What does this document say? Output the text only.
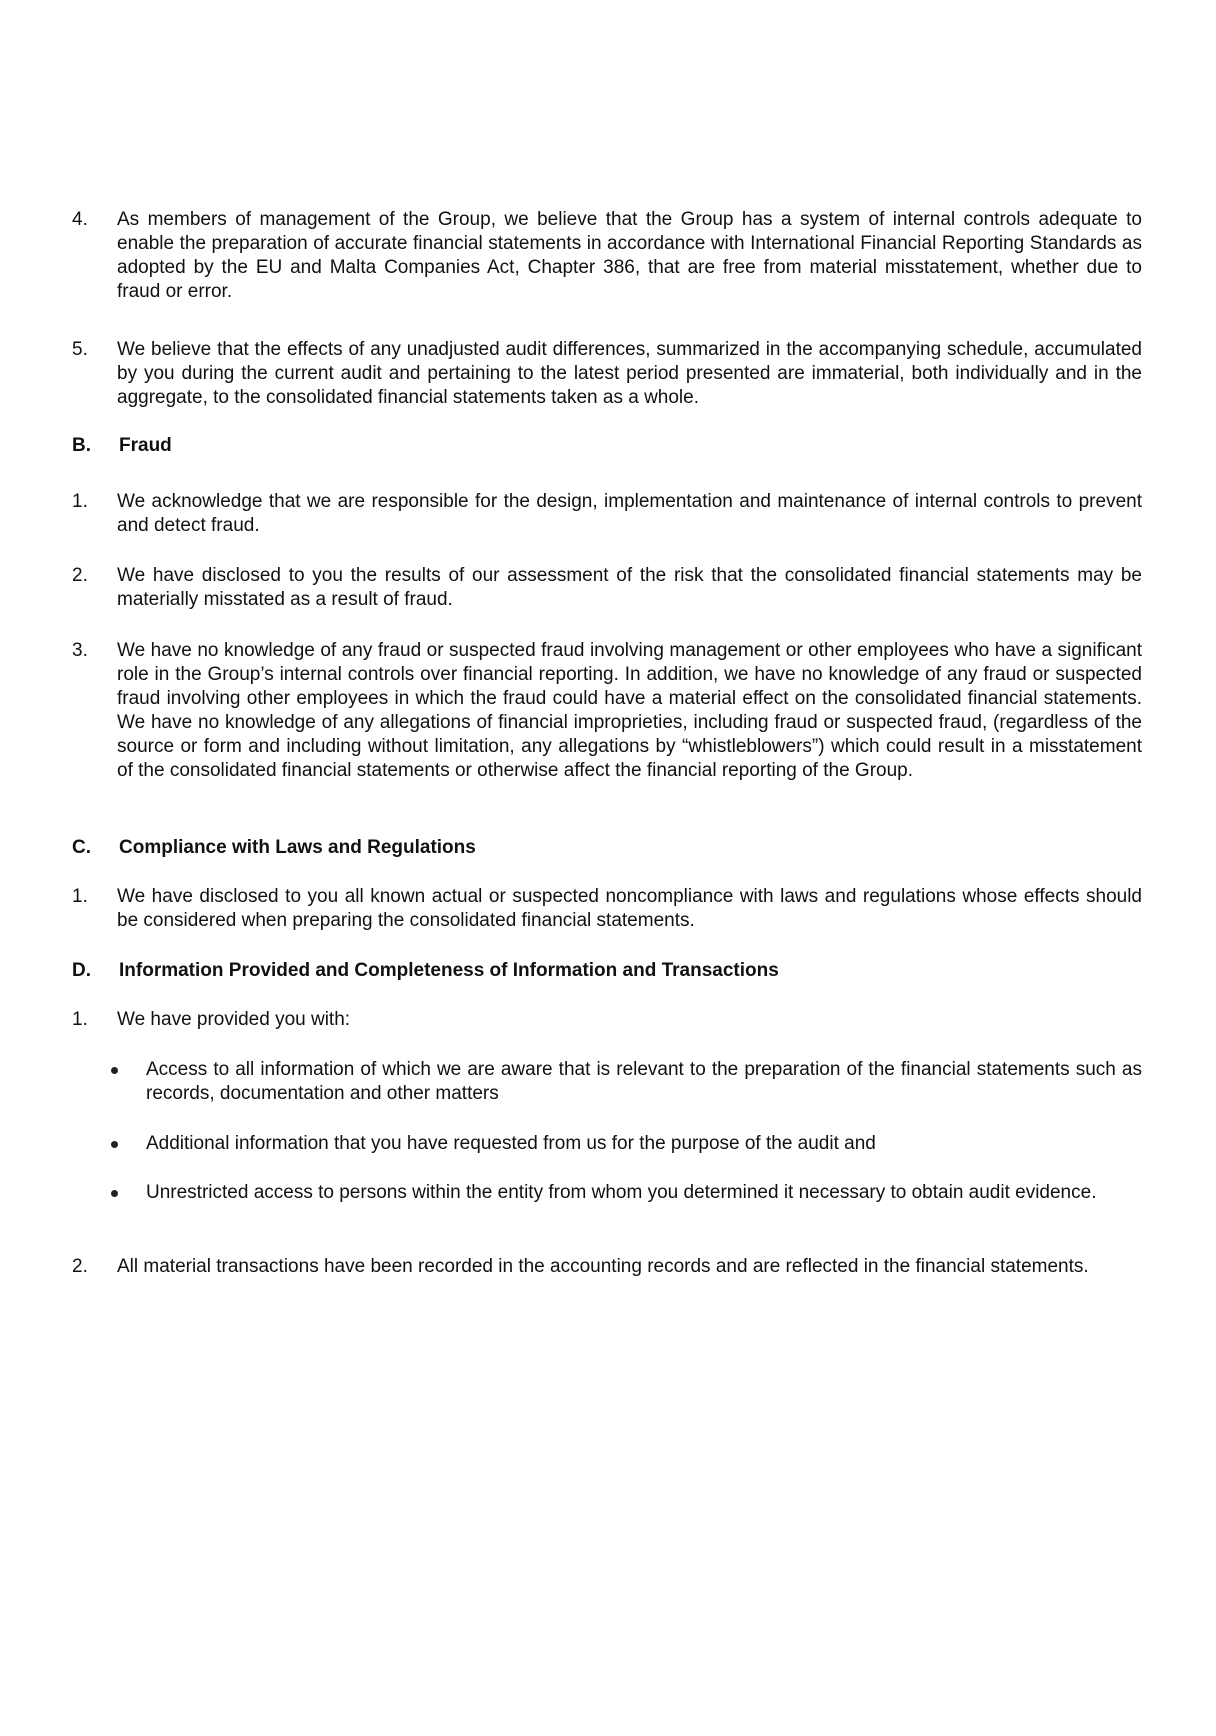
4.	As members of management of the Group, we believe that the Group has a system of internal controls adequate to enable the preparation of accurate financial statements in accordance with International Financial Reporting Standards as adopted by the EU and Malta Companies Act, Chapter 386, that are free from material misstatement, whether due to fraud or error.
5.	We believe that the effects of any unadjusted audit differences, summarized in the accompanying schedule, accumulated by you during the current audit and pertaining to the latest period presented are immaterial, both individually and in the aggregate, to the consolidated financial statements taken as a whole.
B.	Fraud
1.	We acknowledge that we are responsible for the design, implementation and maintenance of internal controls to prevent and detect fraud.
2.	We have disclosed to you the results of our assessment of the risk that the consolidated financial statements may be materially misstated as a result of fraud.
3.	We have no knowledge of any fraud or suspected fraud involving management or other employees who have a significant role in the Group’s internal controls over financial reporting. In addition, we have no knowledge of any fraud or suspected fraud involving other employees in which the fraud could have a material effect on the consolidated financial statements. We have no knowledge of any allegations of financial improprieties, including fraud or suspected fraud, (regardless of the source or form and including without limitation, any allegations by “whistleblowers”) which could result in a misstatement of the consolidated financial statements or otherwise affect the financial reporting of the Group.
C.	Compliance with Laws and Regulations
1.	We have disclosed to you all known actual or suspected noncompliance with laws and regulations whose effects should be considered when preparing the consolidated financial statements.
D.	Information Provided and Completeness of Information and Transactions
1.	We have provided you with:
Access to all information of which we are aware that is relevant to the preparation of the financial statements such as records, documentation and other matters
Additional information that you have requested from us for the purpose of the audit and
Unrestricted access to persons within the entity from whom you determined it necessary to obtain audit evidence.
2.	All material transactions have been recorded in the accounting records and are reflected in the financial statements.
